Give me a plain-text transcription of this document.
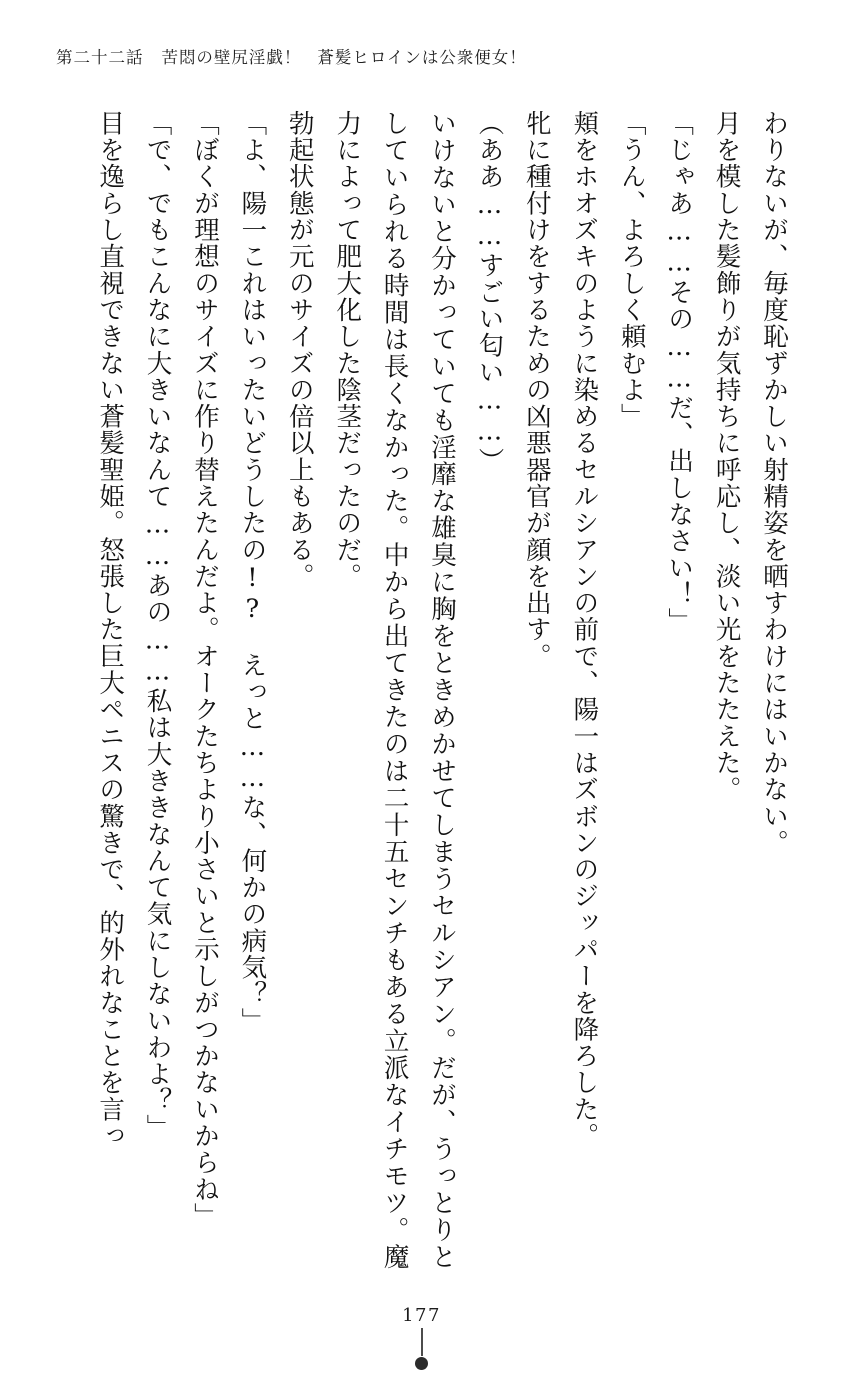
第二十二話 苦悶の壁尻淫戯！ 蒼髪ヒロインは公衆便女！

わりないが、毎度恥ずかしい射精姿を晒すわけにはいかない。

月を模した髪飾りが気持ちに呼応し、淡い光をたたえた。

「じゃあ……その……だ、出しなさい！」

「うん、よろしく頼むよ」

頬をホオズキのように染めるセルシアンの前で、陽一はズボンのジッパーを降ろした。

牝に種付けをするための凶悪器官が顔を出す。

（ああ……すごい匂い……）

いけないと分かっていても淫靡な雄臭に胸をときめかせてしまうセルシアン。だが、うっとりとしていられる時間は長くなかった。中から出てきたのは二十五センチもある立派なイチモツ。魔力によって肥大化した陰茎だったのだ。

勃起状態が元のサイズの倍以上もある。

「よ、陽一これはいったいどうしたの!?　えっと……な、何かの病気？」

「ぼくが理想のサイズに作り替えたんだよ。オークたちより小さいと示しがつかないからね」

「で、でもこんなに大きいなんて……あの……私は大ききなんて気にしないわよ？」

目を逸らし直視できない蒼髪聖姫。怒張した巨大ペニスの驚きで、的外れなことを言っ

177
